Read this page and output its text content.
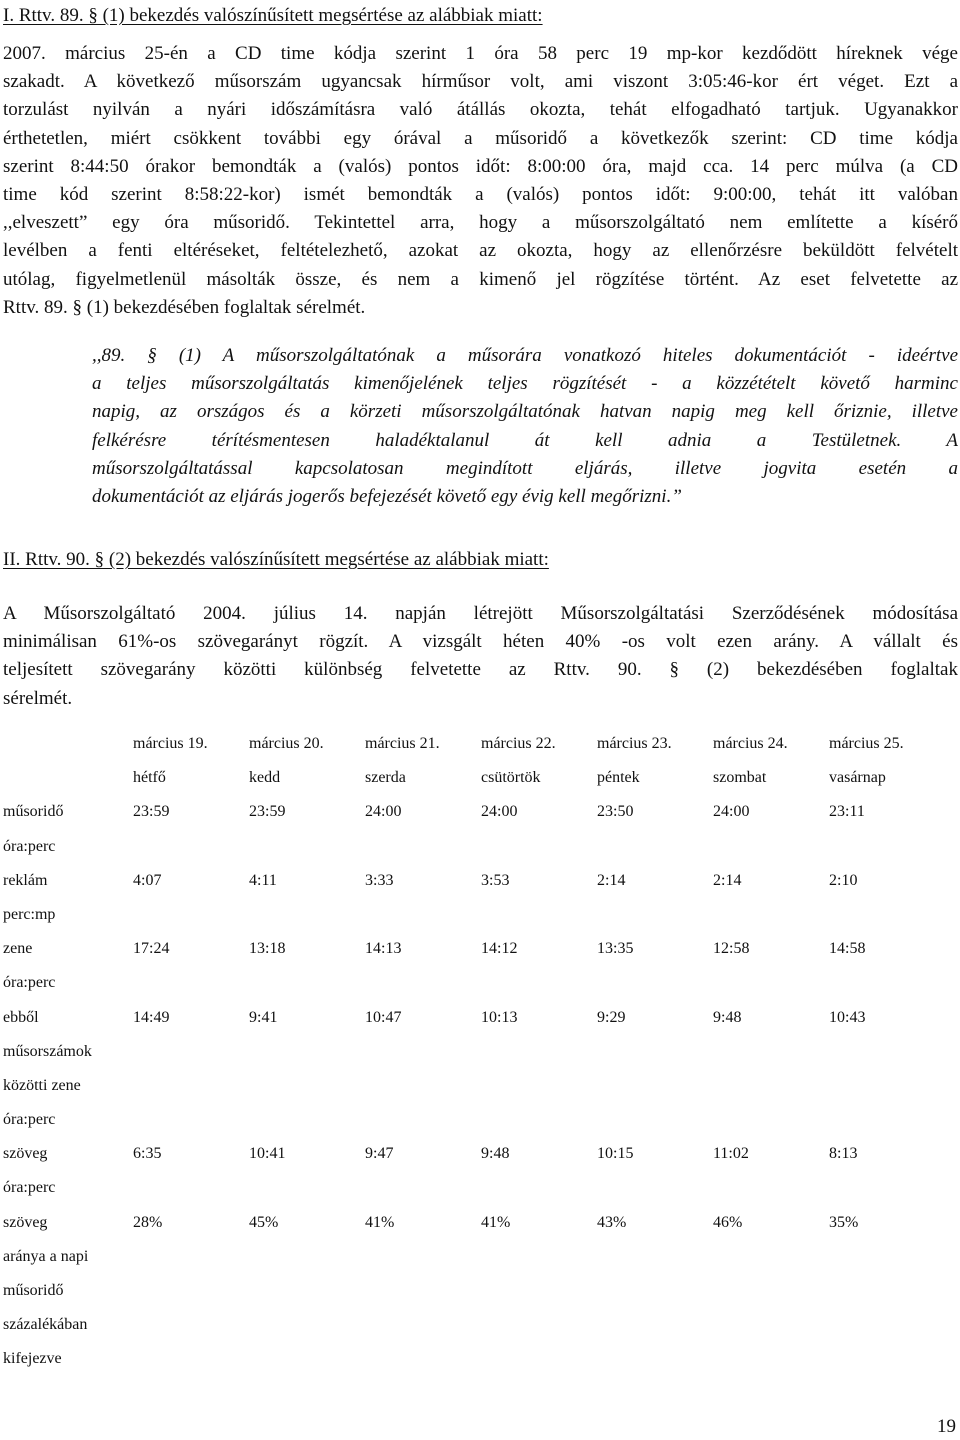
I. Rttv. 89. § (1) bekezdés valószínűsített megsértése az alábbiak miatt:
2007. március 25-én a CD time kódja szerint 1 óra 58 perc 19 mp-kor kezdődött híreknek vége
szakadt. A következő műsorszám ugyancsak hírműsor volt, ami viszont 3:05:46-kor ért véget. Ezt a
torzulást nyilván a nyári időszámításra való átállás okozta, tehát elfogadható tartjuk. Ugyanakkor
érthetetlen, miért csökkent további egy órával a műsoridő a következők szerint: CD time kódja
szerint 8:44:50 órakor bemondták a (valós) pontos időt: 8:00:00 óra, majd cca. 14 perc múlva (a CD
time kód szerint 8:58:22-kor) ismét bemondták a (valós) pontos időt: 9:00:00, tehát itt valóban
,,elveszett” egy óra műsoridő. Tekintettel arra, hogy a műsorszolgáltató nem említette a kísérő
levélben a fenti eltéréseket, feltételezhető, azokat az okozta, hogy az ellenőrzésre beküldött felvételt
utólag, figyelmetlenül másolták össze, és nem a kimenő jel rögzítése történt. Az eset felvetette az
Rttv. 89. § (1) bekezdésében foglaltak sérelmét.
,,89. § (1) A műsorszolgáltatónak a műsorára vonatkozó hiteles dokumentációt - ideértve
a teljes műsorszolgáltatás kimenőjelének teljes rögzítését - a közzétételt követő harminc
napig, az országos és a körzeti műsorszolgáltatónak hatvan napig meg kell őriznie, illetve
felkérésre térítésmentesen haladéktalanul át kell adnia a Testületnek. A
műsorszolgáltatással kapcsolatosan megindított eljárás, illetve jogvita esetén a
dokumentációt az eljárás jogerős befejezését követő egy évig kell megőrizni.”
II. Rttv. 90. § (2) bekezdés valószínűsített megsértése az alábbiak miatt:
A Műsorszolgáltató 2004. július 14. napján létrejött Műsorszolgáltatási Szerződésének módosítása
minimálisan 61%-os szövegarányt rögzít. A vizsgált héten 40% -os volt ezen arány. A vállalt és
teljesített szövegarány közötti különbség felvetette az Rttv. 90. § (2) bekezdésében foglaltak
sérelmét.
	március 19.	március 20.	március 21.	március 22.	március 23.	március 24.	március 25.
	hétfő	kedd	szerda	csütörtök	péntek	szombat	vasárnap
műsoridő	23:59	23:59	24:00	24:00	23:50	24:00	23:11
óra:perc							
reklám	4:07	4:11	3:33	3:53	2:14	2:14	2:10
perc:mp							
zene	17:24	13:18	14:13	14:12	13:35	12:58	14:58
óra:perc							
ebből	14:49	9:41	10:47	10:13	9:29	9:48	10:43
műsorszámok							
közötti zene							
óra:perc							
szöveg	6:35	10:41	9:47	9:48	10:15	11:02	8:13
óra:perc							
szöveg	28%	45%	41%	41%	43%	46%	35%
aránya a napi							
műsoridő							
százalékában							
kifejezve							
19
